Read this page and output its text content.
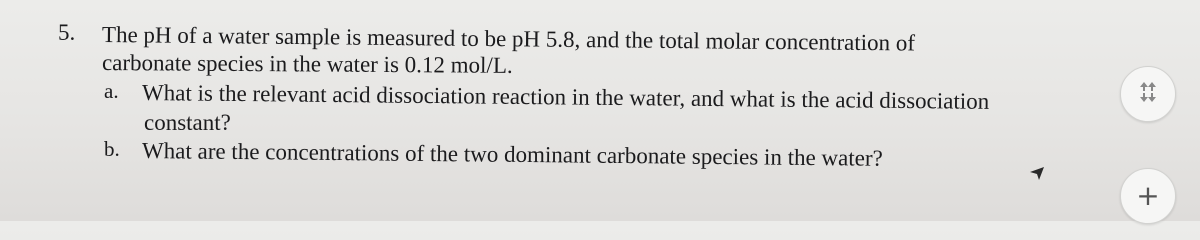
5. The pH of a water sample is measured to be pH 5.8, and the total molar concentration of
carbonate species in the water is 0.12 mol/L.
a. What is the relevant acid dissociation reaction in the water, and what is the acid dissociation
constant?
b. What are the concentrations of the two dominant carbonate species in the water?
+
